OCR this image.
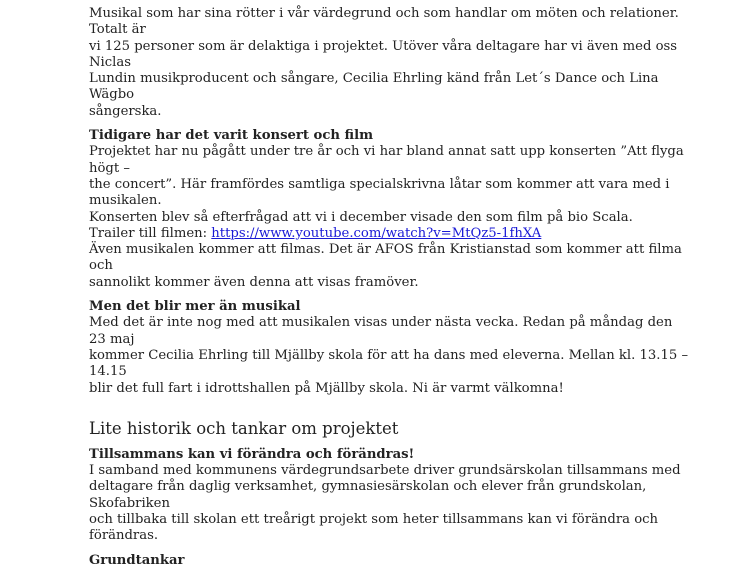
Musikal som har sina rötter i vår värdegrund och som handlar om möten och relationer. Totalt är

vi 125 personer som är delaktiga i projektet. Utöver våra deltagare har vi även med oss Niclas

Lundin musikproducent och sångare, Cecilia Ehrling känd från Let´s Dance och Lina Wägbo

sångerska.

Tidigare har det varit konsert och film

Projektet har nu pågått under tre år och vi har bland annat satt upp konserten ”Att flyga högt –

the concert”. Här framfördes samtliga specialskrivna låtar som kommer att vara med i musikalen.

Konserten blev så efterfrågad att vi i december visade den som film på bio Scala.

Trailer till filmen: https://www.youtube.com/watch?v=MtQz5-1fhXA

Även musikalen kommer att filmas. Det är AFOS från Kristianstad som kommer att filma och

sannolikt kommer även denna att visas framöver.

Men det blir mer än musikal

Med det är inte nog med att musikalen visas under nästa vecka. Redan på måndag den 23 maj

kommer Cecilia Ehrling till Mjällby skola för att ha dans med eleverna. Mellan kl. 13.15 – 14.15

blir det full fart i idrottshallen på Mjällby skola. Ni är varmt välkomna!

Lite historik och tankar om projektet

Tillsammans kan vi förändra och förändras!

I samband med kommunens värdegrundsarbete driver grundsärskolan tillsammans med

deltagare från daglig verksamhet, gymnasiesärskolan och elever från grundskolan, Skofabriken

och tillbaka till skolan ett treårigt projekt som heter tillsammans kan vi förändra och förändras.

Grundtankar
